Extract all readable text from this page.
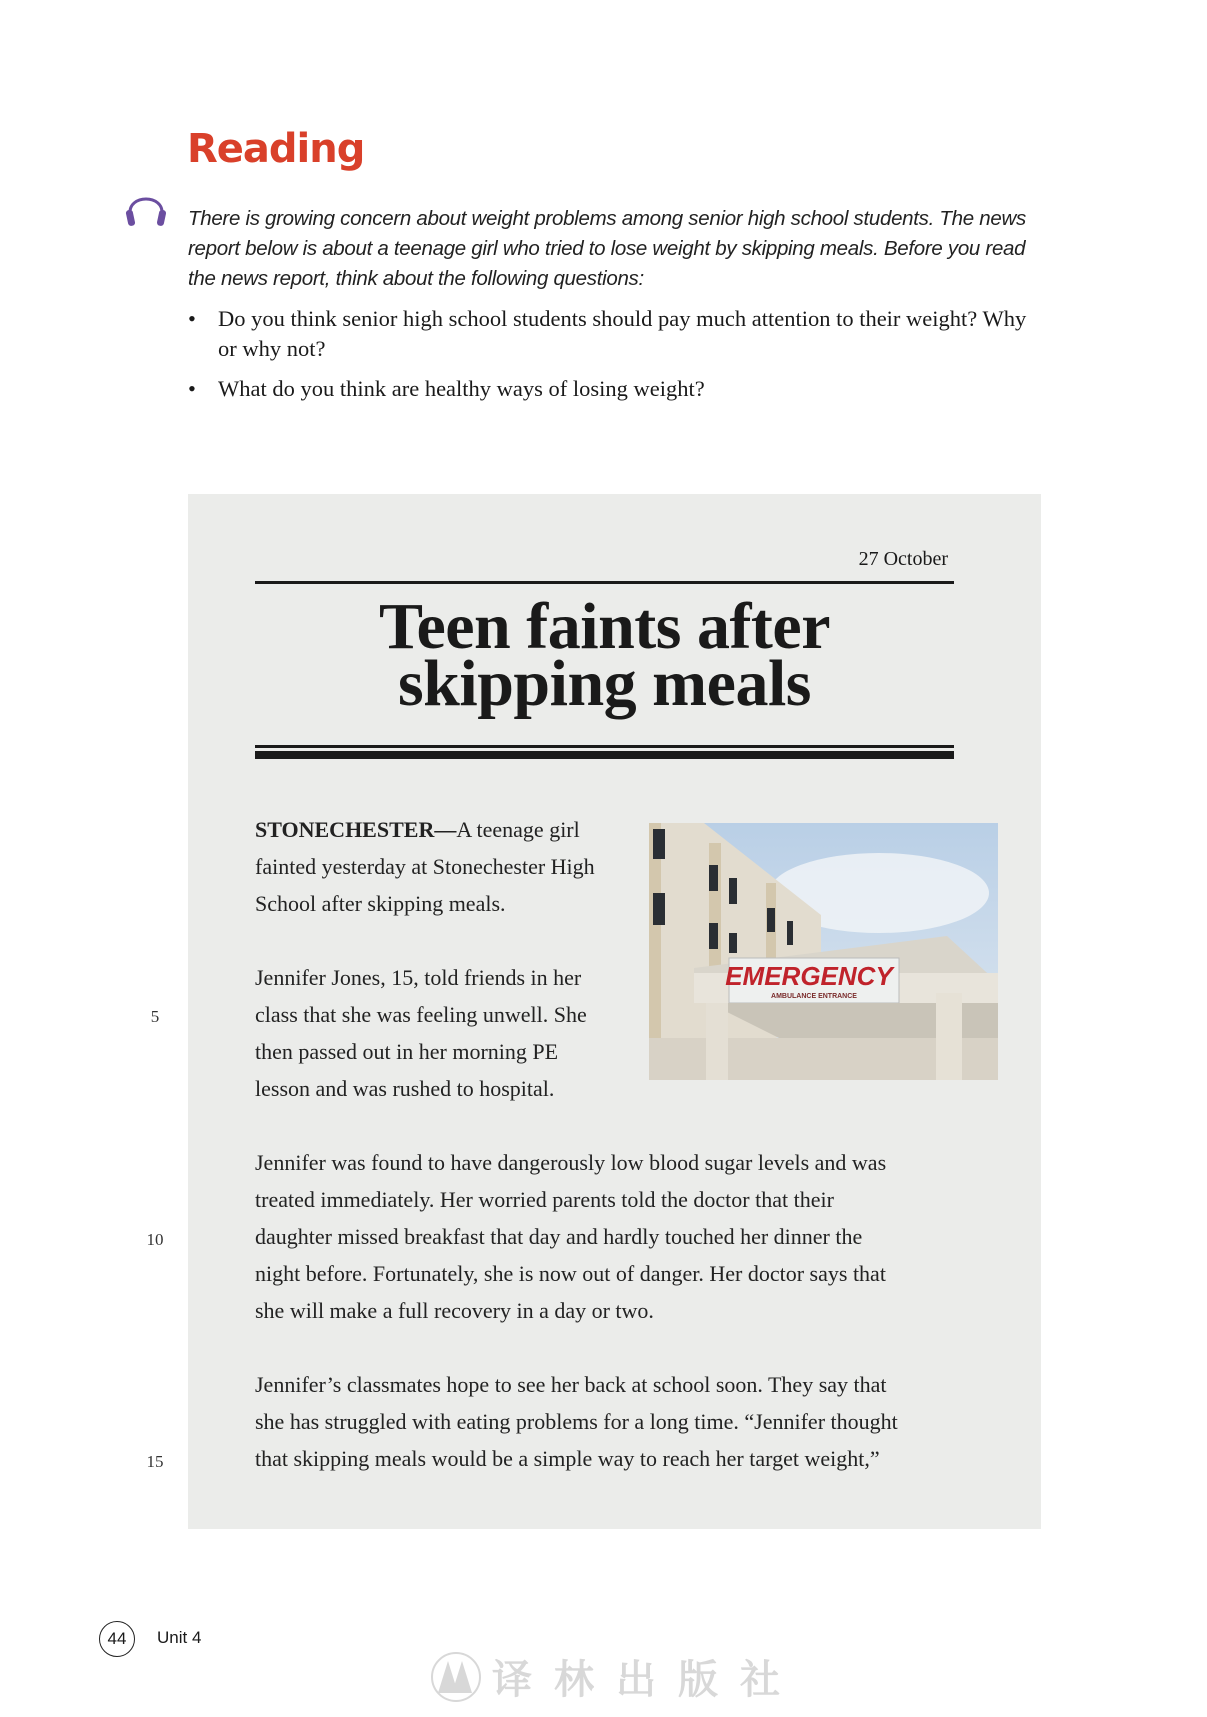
Reading
There is growing concern about weight problems among senior high school students. The news report below is about a teenage girl who tried to lose weight by skipping meals. Before you read the news report, think about the following questions:
• Do you think senior high school students should pay much attention to their weight? Why or why not?
• What do you think are healthy ways of losing weight?
27 October
Teen faints after
skipping meals
STONECHESTER—A teenage girl
fainted yesterday at Stonechester High
School after skipping meals.
Jennifer Jones, 15, told friends in her
class that she was feeling unwell. She
then passed out in her morning PE
lesson and was rushed to hospital.
Jennifer was found to have dangerously low blood sugar levels and was
treated immediately. Her worried parents told the doctor that their
daughter missed breakfast that day and hardly touched her dinner the
night before. Fortunately, she is now out of danger. Her doctor says that
she will make a full recovery in a day or two.
Jennifer’s classmates hope to see her back at school soon. They say that
she has struggled with eating problems for a long time. “Jennifer thought
that skipping meals would be a simple way to reach her target weight,”
5
10
15
EMERGENCY
AMBULANCE ENTRANCE
44	Unit 4
译林出版社
